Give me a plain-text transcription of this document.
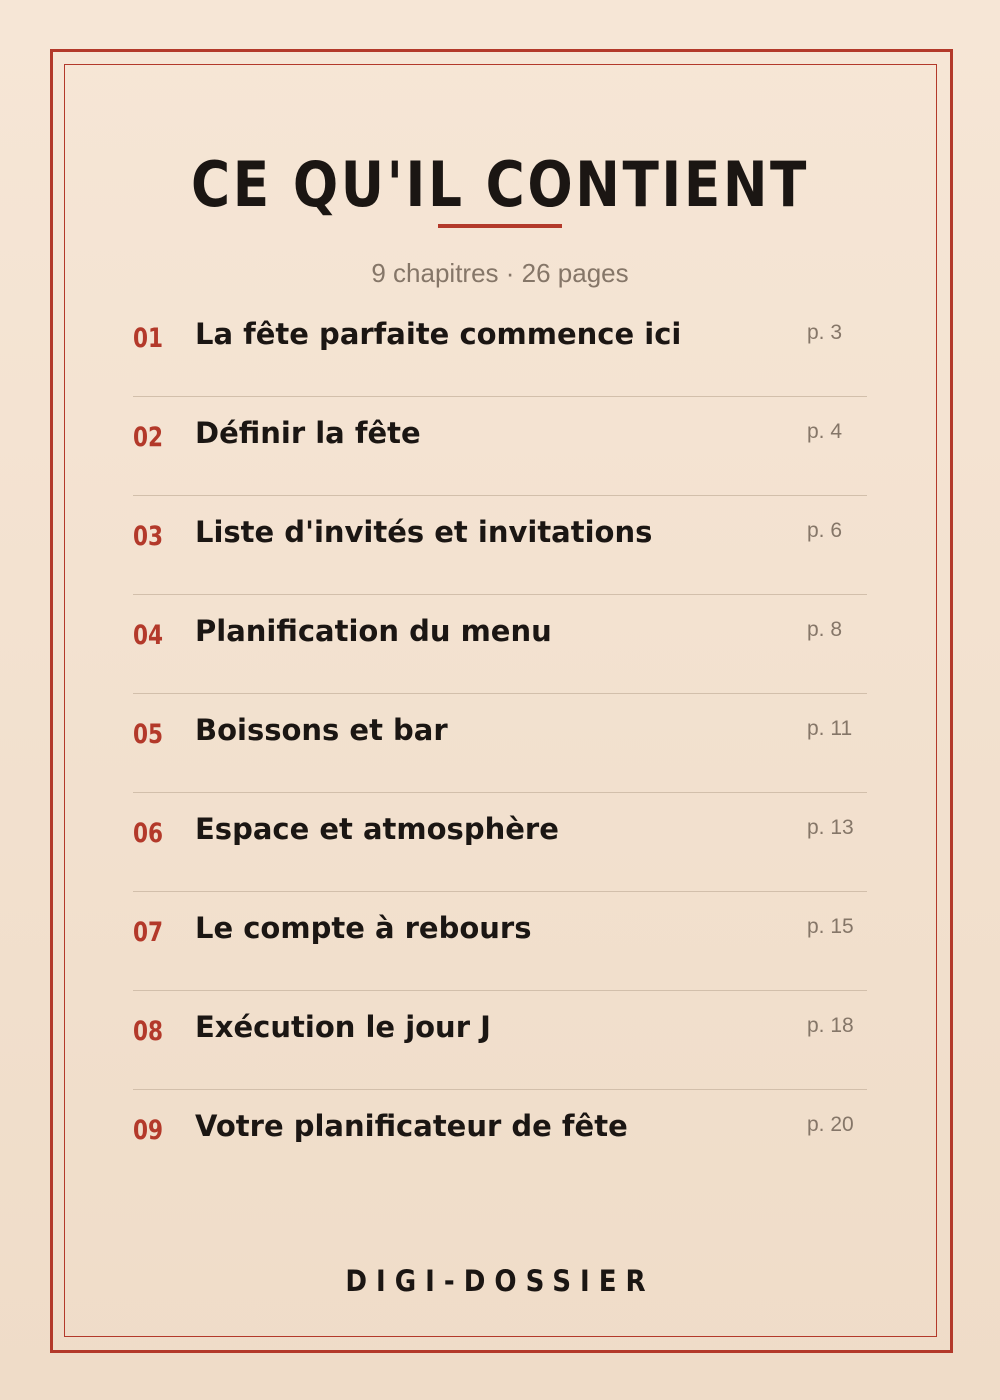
CE QU'IL CONTIENT
9 chapitres · 26 pages
01 La fête parfaite commence ici	p. 3
02 Définir la fête	p. 4
03 Liste d'invités et invitations	p. 6
04 Planification du menu	p. 8
05 Boissons et bar	p. 11
06 Espace et atmosphère	p. 13
07 Le compte à rebours	p. 15
08 Exécution le jour J	p. 18
09 Votre planificateur de fête	p. 20
DIGI-DOSSIER
